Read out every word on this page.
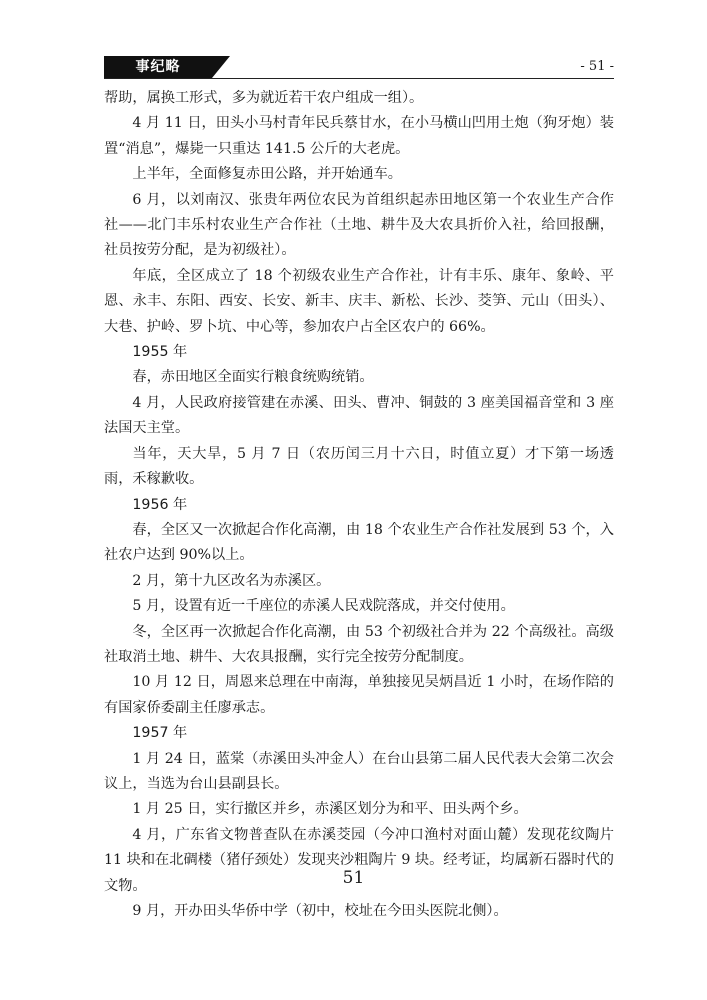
事纪略	- 51 -

帮助，属换工形式，多为就近若干农户组成一组）。

4 月 11 日，田头小马村青年民兵蔡甘水，在小马横山凹用土炮（狗牙炮）装置“消息”，爆毙一只重达 141.5 公斤的大老虎。

上半年，全面修复赤田公路，并开始通车。

6 月，以刘南汉、张贵年两位农民为首组织起赤田地区第一个农业生产合作社——北门丰乐村农业生产合作社（土地、耕牛及大农具折价入社，给回报酬，社员按劳分配，是为初级社）。

年底，全区成立了 18 个初级农业生产合作社，计有丰乐、康年、象岭、平恩、永丰、东阳、西安、长安、新丰、庆丰、新松、长沙、茭笋、元山（田头）、大巷、护岭、罗卜坑、中心等，参加农户占全区农户的 66%。

1955 年

春，赤田地区全面实行粮食统购统销。

4 月，人民政府接管建在赤溪、田头、曹冲、铜鼓的 3 座美国福音堂和 3 座法国天主堂。

当年，天大旱，5 月 7 日（农历闰三月十六日，时值立夏）才下第一场透雨，禾稼歉收。

1956 年

春，全区又一次掀起合作化高潮，由 18 个农业生产合作社发展到 53 个，入社农户达到 90%以上。

2 月，第十九区改名为赤溪区。

5 月，设置有近一千座位的赤溪人民戏院落成，并交付使用。

冬，全区再一次掀起合作化高潮，由 53 个初级社合并为 22 个高级社。高级社取消土地、耕牛、大农具报酬，实行完全按劳分配制度。

10 月 12 日，周恩来总理在中南海，单独接见吴炳昌近 1 小时，在场作陪的有国家侨委副主任廖承志。

1957 年

1 月 24 日，蓝棠（赤溪田头冲金人）在台山县第二届人民代表大会第二次会议上，当选为台山县副县长。

1 月 25 日，实行撤区并乡，赤溪区划分为和平、田头两个乡。

4 月，广东省文物普查队在赤溪茭园（今冲口渔村对面山麓）发现花纹陶片 11 块和在北碉楼（猪仔颈处）发现夹沙粗陶片 9 块。经考证，均属新石器时代的文物。

9 月，开办田头华侨中学（初中，校址在今田头医院北侧）。

51
